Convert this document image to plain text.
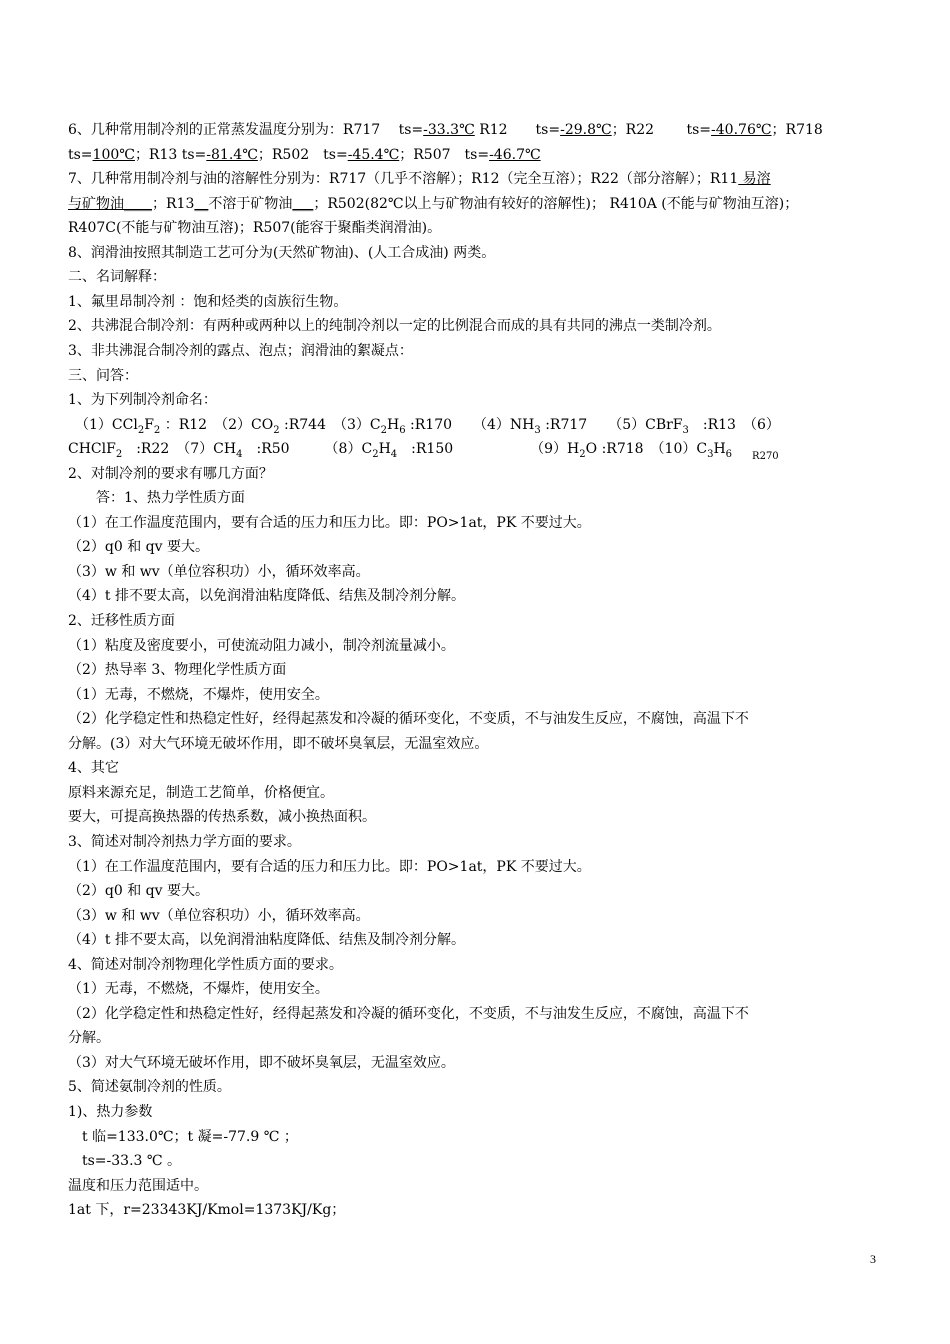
6、几种常用制冷剂的正常蒸发温度分别为：R717　 ts=-33.3℃ R12　　ts=-29.8℃；R22　　 ts=-40.76℃；R718
ts=100℃；R13 ts=-81.4℃；R502　ts=-45.4℃；R507　ts=-46.7℃
7、几种常用制冷剂与油的溶解性分别为：R717（几乎不溶解）；R12（完全互溶）；R22（部分溶解）；R11 易溶
与矿物油____；R13__不溶于矿物油___；R502(82℃以上与矿物油有较好的溶解性)； R410A (不能与矿物油互溶)；
R407C(不能与矿物油互溶)；R507(能容于聚酯类润滑油)。
8、润滑油按照其制造工艺可分为(天然矿物油)、(人工合成油) 两类。
二、名词解释：
1、氟里昂制冷剂 ：饱和烃类的卤族衍生物。
2、共沸混合制冷剂：有两种或两种以上的纯制冷剂以一定的比例混合而成的具有共同的沸点一类制冷剂。
3、非共沸混合制冷剂的露点、泡点；润滑油的絮凝点：
三、问答：
1、为下列制冷剂命名：
　$(1)CCl_2F_2$ ：R12　$(2)CO_2$ :R744　$(3)C_2H_6$ :R170　　$(4)NH_3$ :R717　　（5）CBrF$_3$　:R13　（6）
CHClF$_2$　:R22　$(7)CH_4$　:R50　　　$(8)C_2H_4$　:R150　　　　　　$(9)H_2O$ :R718　$(10)C_3H_6$　　$_{R270}$
2、对制冷剂的要求有哪几方面？
　　答：1、热力学性质方面
（1）在工作温度范围内，要有合适的压力和压力比。即：PO>1at，PK 不要过大。
（2）q0 和 qv 要大。
（3）w 和 wv（单位容积功）小，循环效率高。
（4）t 排不要太高，以免润滑油粘度降低、结焦及制冷剂分解。
2、迁移性质方面
（1）粘度及密度要小，可使流动阻力减小，制冷剂流量减小。
（2）热导率 3、物理化学性质方面
（1）无毒，不燃烧，不爆炸，使用安全。
（2）化学稳定性和热稳定性好，经得起蒸发和冷凝的循环变化，不变质，不与油发生反应，不腐蚀，高温下不
分解。(3）对大气环境无破坏作用，即不破坏臭氧层，无温室效应。
4、其它
原料来源充足，制造工艺简单，价格便宜。
要大，可提高换热器的传热系数，减小换热面积。
3、简述对制冷剂热力学方面的要求。
（1）在工作温度范围内，要有合适的压力和压力比。即：PO>1at，PK 不要过大。
（2）q0 和 qv 要大。
（3）w 和 wv（单位容积功）小，循环效率高。
（4）t 排不要太高，以免润滑油粘度降低、结焦及制冷剂分解。
4、简述对制冷剂物理化学性质方面的要求。
（1）无毒，不燃烧，不爆炸，使用安全。
（2）化学稳定性和热稳定性好，经得起蒸发和冷凝的循环变化，不变质，不与油发生反应，不腐蚀，高温下不
分解。
（3）对大气环境无破坏作用，即不破坏臭氧层，无温室效应。
5、简述氨制冷剂的性质。
1)、热力参数
　t 临=133.0℃；t 凝=-77.9 ℃ ；
　ts=-33.3 ℃ 。
温度和压力范围适中。
1at 下，r=23343KJ/Kmol=1373KJ/Kg；
3
